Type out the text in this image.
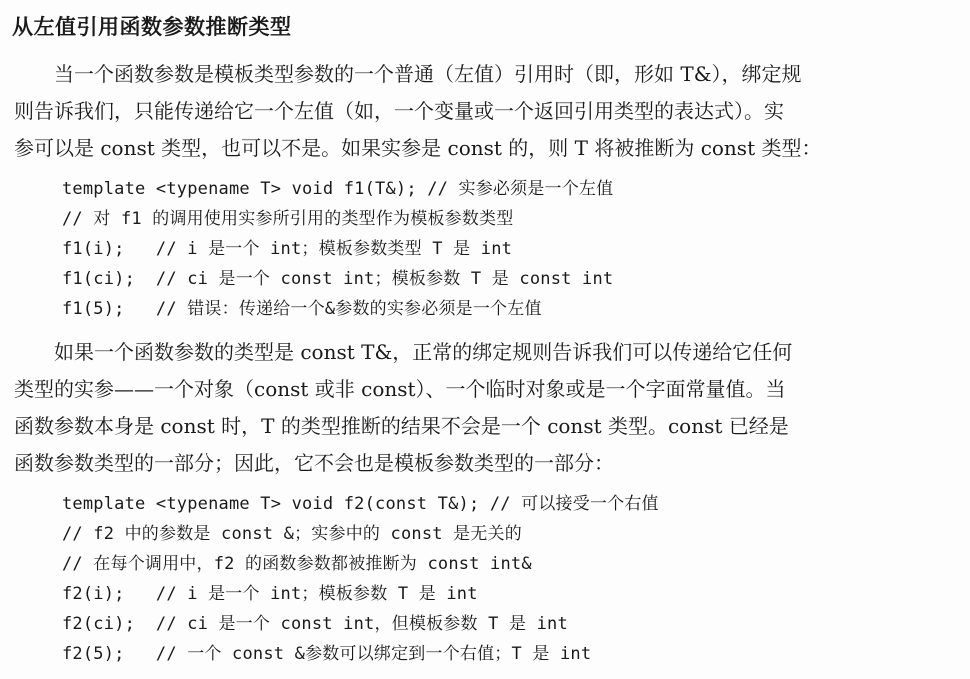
从左值引用函数参数推断类型

　　当一个函数参数是模板类型参数的一个普通（左值）引用时（即，形如 T&），绑定规
则告诉我们，只能传递给它一个左值（如，一个变量或一个返回引用类型的表达式）。实
参可以是 const 类型，也可以不是。如果实参是 const 的，则 T 将被推断为 const 类型：

template <typename T> void f1(T&); // 实参必须是一个左值
// 对 f1 的调用使用实参所引用的类型作为模板参数类型
f1(i);   // i 是一个 int；模板参数类型 T 是 int
f1(ci);  // ci 是一个 const int；模板参数 T 是 const int
f1(5);   // 错误：传递给一个&参数的实参必须是一个左值

　　如果一个函数参数的类型是 const T&，正常的绑定规则告诉我们可以传递给它任何
类型的实参——一个对象（const 或非 const）、一个临时对象或是一个字面常量值。当
函数参数本身是 const 时，T 的类型推断的结果不会是一个 const 类型。const 已经是
函数参数类型的一部分；因此，它不会也是模板参数类型的一部分：

template <typename T> void f2(const T&); // 可以接受一个右值
// f2 中的参数是 const &；实参中的 const 是无关的
// 在每个调用中，f2 的函数参数都被推断为 const int&
f2(i);   // i 是一个 int；模板参数 T 是 int
f2(ci);  // ci 是一个 const int，但模板参数 T 是 int
f2(5);   // 一个 const &参数可以绑定到一个右值；T 是 int
